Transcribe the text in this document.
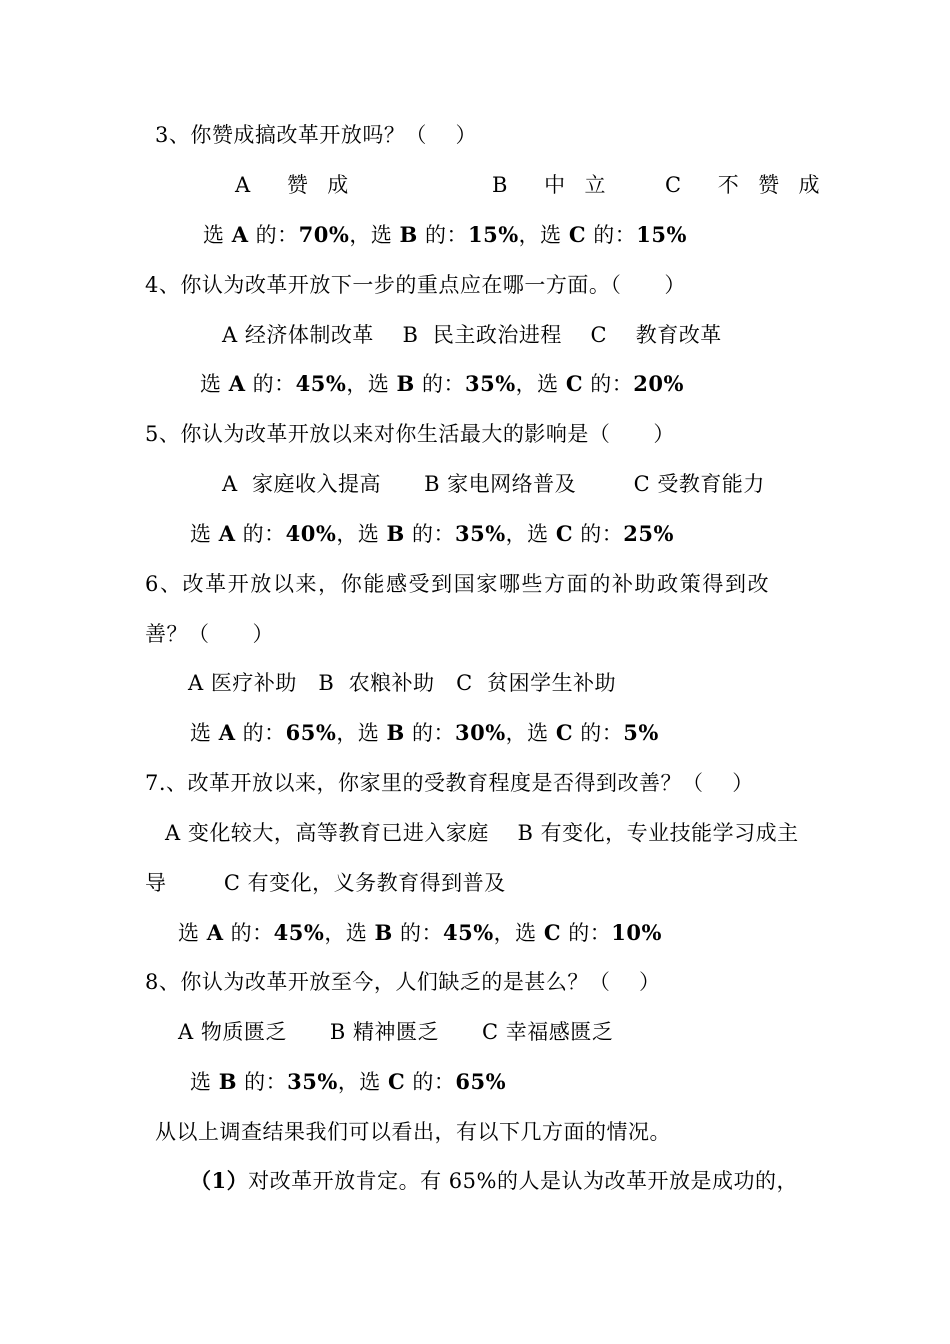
3、你赞成搞改革开放吗？（    ）
A    赞  成	B    中  立	C    不  赞  成
选 A 的：70%，选 B 的：15%，选 C 的：15%
4、你认为改革开放下一步的重点应在哪一方面。（      ）
A 经济体制改革    B  民主政治进程    C    教育改革
选 A 的：45%，选 B 的：35%，选 C 的：20%
5、你认为改革开放以来对你生活最大的影响是（      ）
A  家庭收入提高      B 家电网络普及        C 受教育能力
选 A 的：40%，选 B 的：35%，选 C 的：25%
6、改革开放以来，你能感受到国家哪些方面的补助政策得到改
善？（      ）
A 医疗补助   B  农粮补助   C  贫困学生补助
选 A 的：65%，选 B 的：30%，选 C 的：5%
7.、改革开放以来，你家里的受教育程度是否得到改善？（    ）
A 变化较大，高等教育已进入家庭    B 有变化，专业技能学习成主
导        C 有变化，义务教育得到普及
选 A 的：45%，选 B 的：45%，选 C 的：10%
8、你认为改革开放至今，人们缺乏的是甚么？（    ）
A 物质匮乏      B 精神匮乏      C 幸福感匮乏
选 B 的：35%，选 C 的：65%
从以上调查结果我们可以看出，有以下几方面的情况。
（1）对改革开放肯定。有 65%的人是认为改革开放是成功的，
